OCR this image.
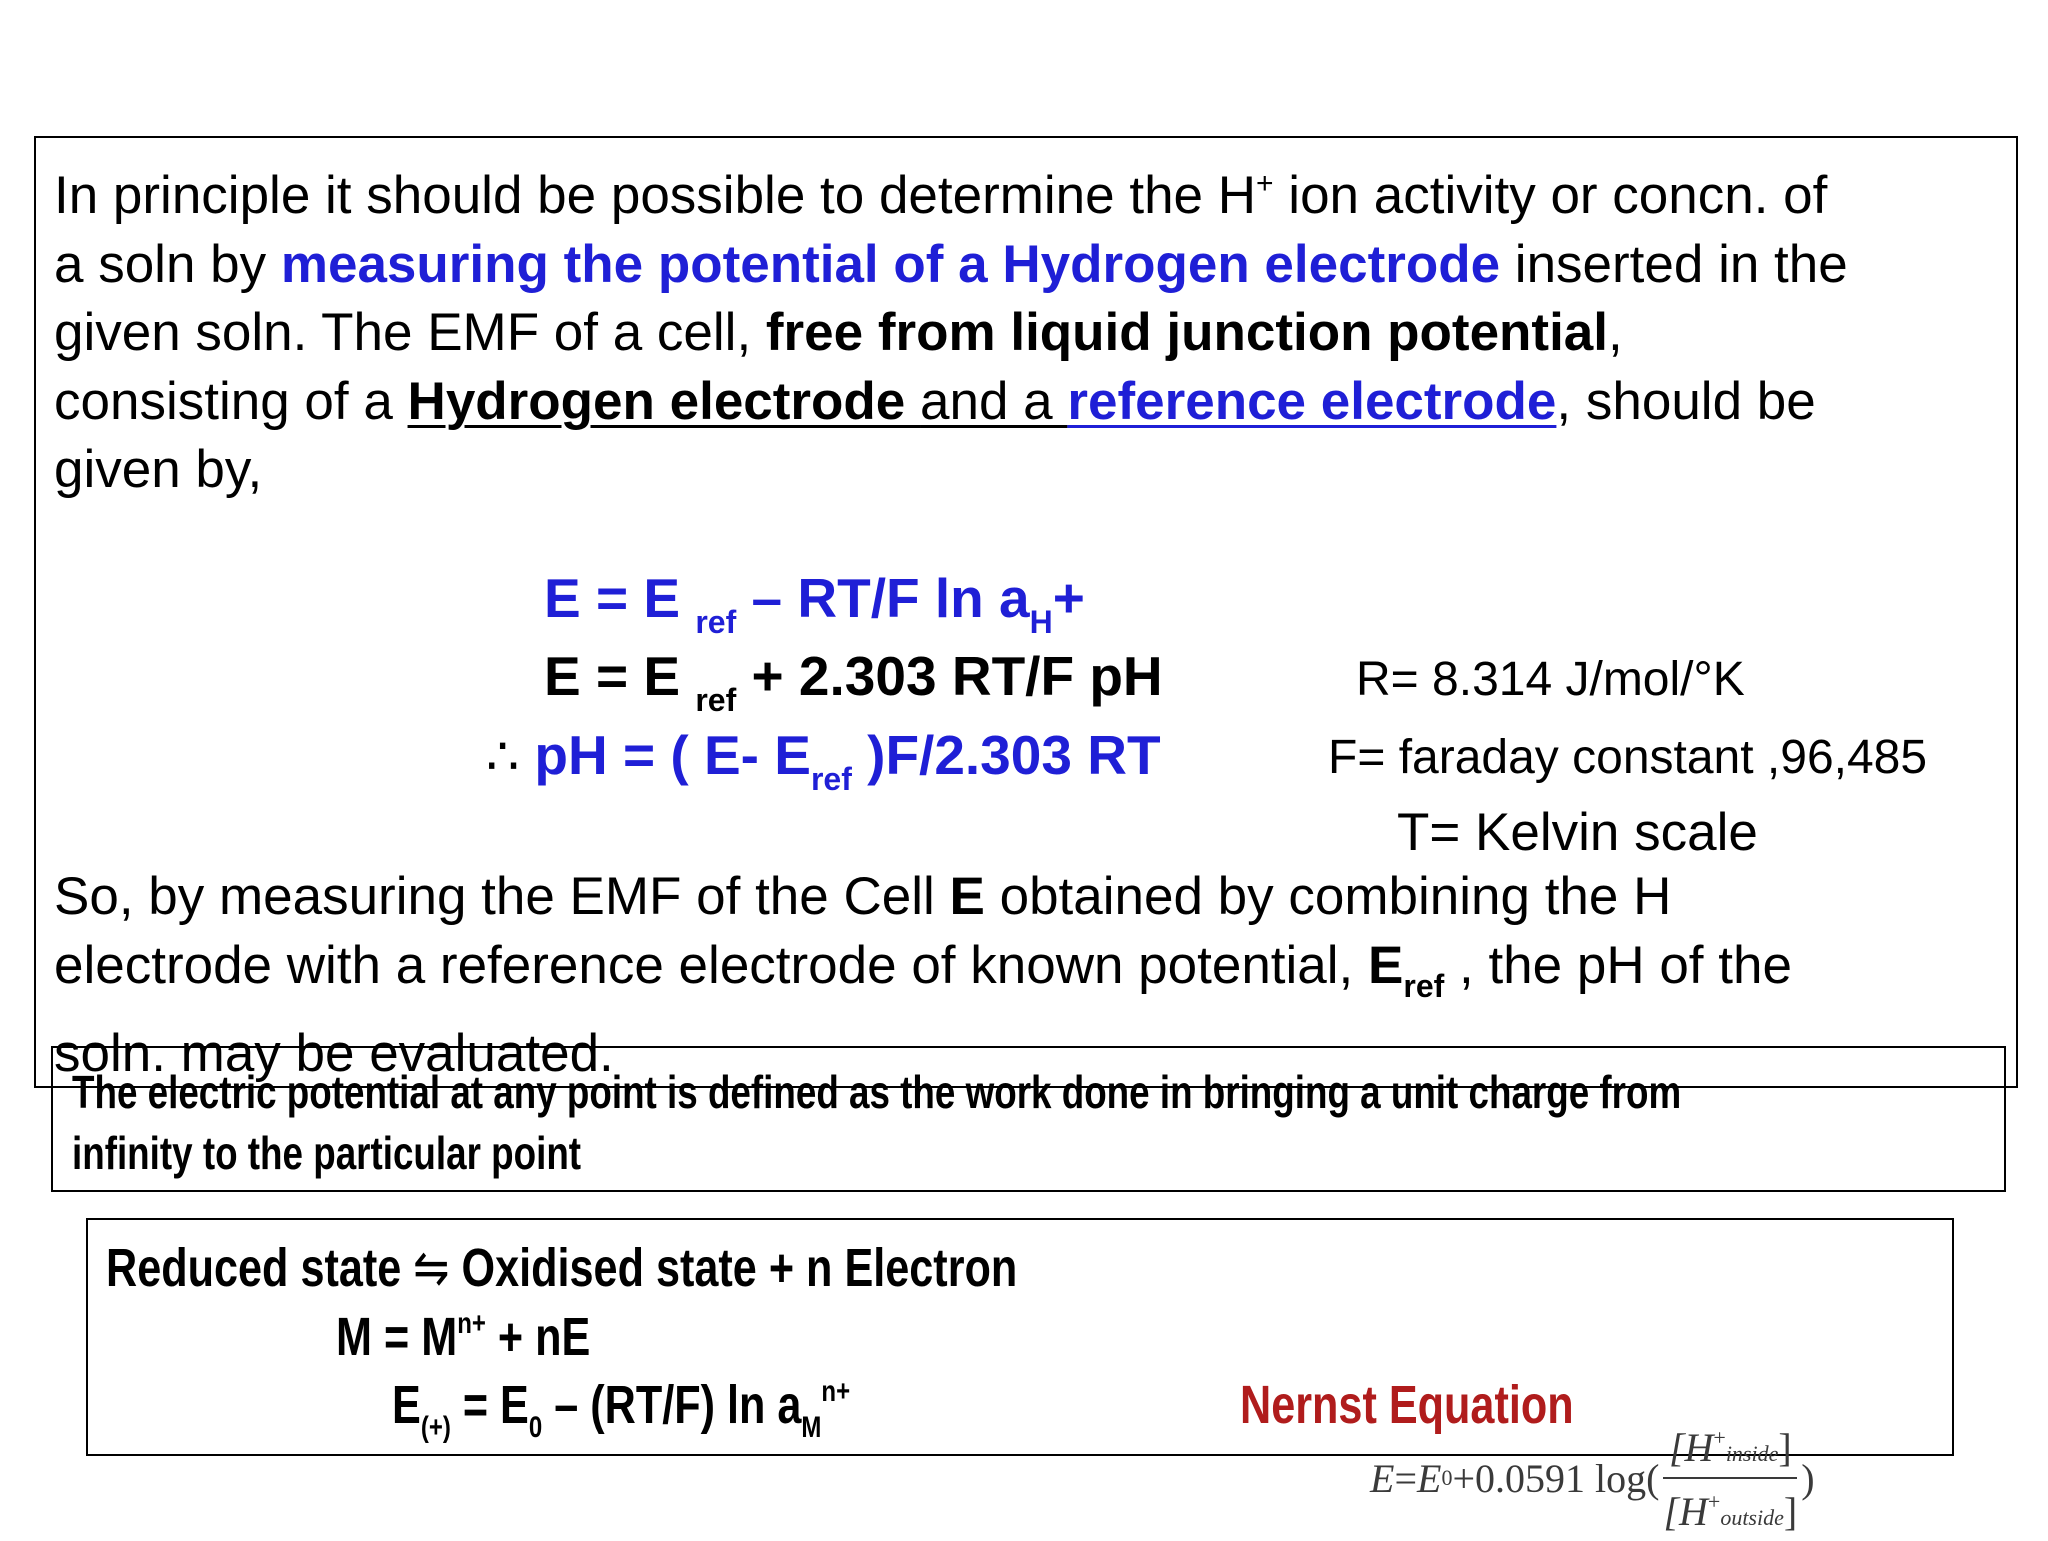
In principle it should be possible to determine the H+ ion activity or concn. of
a soln by measuring the potential of a Hydrogen electrode inserted in the
given soln. The EMF of a cell, free from liquid junction potential,
consisting of a Hydrogen electrode and a reference electrode, should be
given by,
E = E $_{ref}$ – RT/F $\ln a_H+$
E = E $_{ref}$ + 2.303 RT/F pH
∴ pH = ( E- $E_{ref}$ )F/2.303 RT
R= 8.314 J/mol/°K
F= faraday constant ,96,485
T= Kelvin scale
So, by measuring the EMF of the Cell E obtained by combining the H
electrode with a reference electrode of known potential, $E_{ref}$ , the pH of the
soln. may be evaluated.
The electric potential at any point is defined as the work done in bringing a unit charge from
infinity to the particular point
Reduced state ⇋ Oxidised state + n Electron
$M = M^{n+}$ + nE
$E_{(+)} = E_0 - (RT/F)$ $\ln a_M^{n+}$	Nernst Equation
E = E 0 +0.0591 log ( $\frac{[H^+inside]}{[H^+outside]}$ )
